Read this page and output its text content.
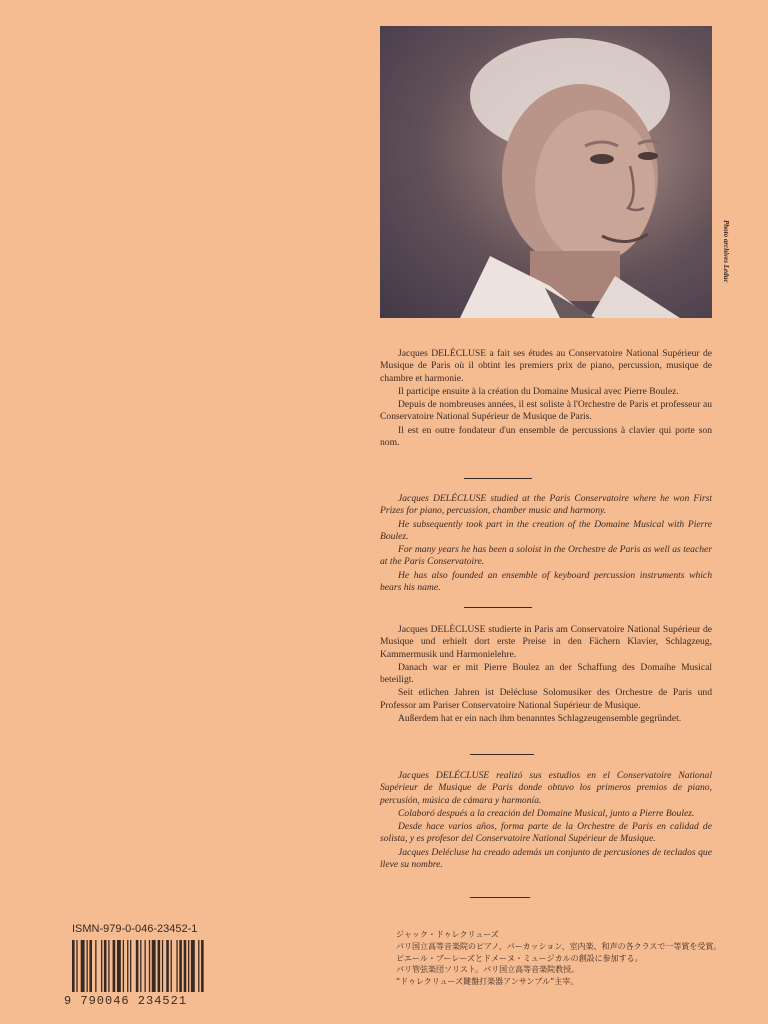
Photo archives Leduc

Jacques DELÉCLUSE a fait ses études au Conservatoire National Supérieur de Musique de Paris où il obtint les premiers prix de piano, percussion, musique de chambre et harmonie.

Il participe ensuite à la création du Domaine Musical avec Pierre Boulez.

Depuis de nombreuses années, il est soliste à l'Orchestre de Paris et professeur au Conservatoire National Supérieur de Musique de Paris.

Il est en outre fondateur d'un ensemble de percussions à clavier qui porte son nom.

Jacques DELÉCLUSE studied at the Paris Conservatoire where he won First Prizes for piano, percussion, chamber music and harmony.

He subsequently took part in the creation of the Domaine Musical with Pierre Boulez.

For many years he has been a soloist in the Orchestre de Paris as well as teacher at the Paris Conservatoire.

He has also founded an ensemble of keyboard percussion instruments which bears his name.

Jacques DELÉCLUSE studierte in Paris am Conservatoire National Supérieur de Musique und erhielt dort erste Preise in den Fächern Klavier, Schlagzeug, Kammermusik und Harmonielehre.

Danach war er mit Pierre Boulez an der Schaffung des Domaihe Musical beteiligt.

Seit etlichen Jahren ist Delécluse Solomusiker des Orchestre de Paris und Professor am Pariser Conservatoire National Supérieur de Musique.

Außerdem hat er ein nach ihm benanntes Schlagzeugensemble gegründet.

Jacques DELÉCLUSE realizó sus estudios en el Conservatoire National Supérieur de Musique de Paris donde obtuvo los primeros premios de piano, percusión, música de cámara y harmonía.

Colaboró después a la creación del Domaine Musical, junto a Pierre Boulez.

Desde hace varios años, forma parte de la Orchestre de Paris en calidad de solista, y es profesor del Conservatoire National Supérieur de Musique.

Jacques Delécluse ha creado además un conjunto de percusiones de teclados que lleve su nombre.

ジャック・ドゥレクリューズ
パリ国立高等音楽院のピアノ、パーカッション、室内楽、和声の各クラスで一等賞を受賞。
ピエール・ブーレーズとドメーヌ・ミュージカルの創設に参加する。
パリ管弦楽団ソリスト。パリ国立高等音楽院教授。
“ドゥレクリューズ鍵盤打楽器アンサンブル”主宰。
ISMN-979-0-046-23452-1
9 790046 234521
